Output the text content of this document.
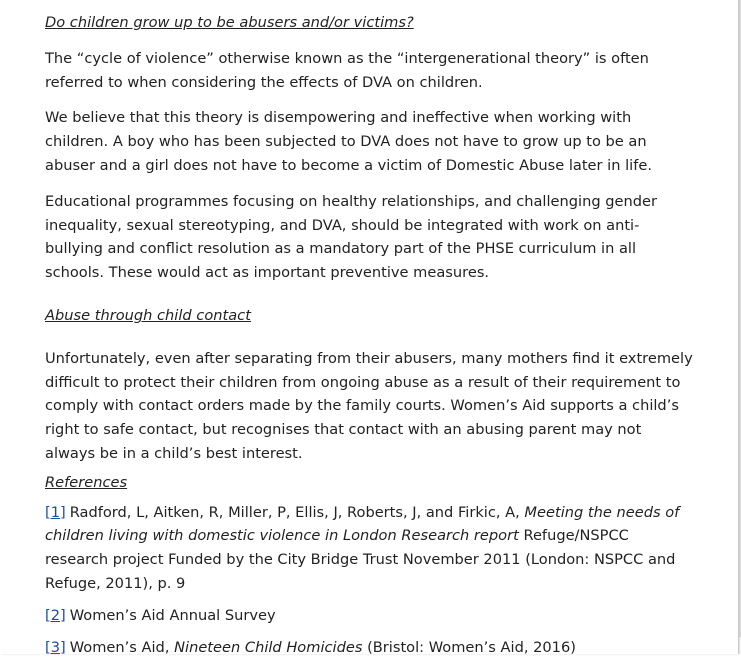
Do children grow up to be abusers and/or victims?

The “cycle of violence” otherwise known as the “intergenerational theory” is often referred to when considering the effects of DVA on children.

We believe that this theory is disempowering and ineffective when working with children. A boy who has been subjected to DVA does not have to grow up to be an abuser and a girl does not have to become a victim of Domestic Abuse later in life.

Educational programmes focusing on healthy relationships, and challenging gender inequality, sexual stereotyping, and DVA, should be integrated with work on anti-bullying and conflict resolution as a mandatory part of the PHSE curriculum in all schools. These would act as important preventive measures.

Abuse through child contact

Unfortunately, even after separating from their abusers, many mothers find it extremely difficult to protect their children from ongoing abuse as a result of their requirement to comply with contact orders made by the family courts. Women’s Aid supports a child’s right to safe contact, but recognises that contact with an abusing parent may not always be in a child’s best interest.

References

[1] Radford, L, Aitken, R, Miller, P, Ellis, J, Roberts, J, and Firkic, A, Meeting the needs of children living with domestic violence in London Research report Refuge/NSPCC research project Funded by the City Bridge Trust November 2011 (London: NSPCC and Refuge, 2011), p. 9

[2] Women’s Aid Annual Survey

[3] Women’s Aid, Nineteen Child Homicides (Bristol: Women’s Aid, 2016)
